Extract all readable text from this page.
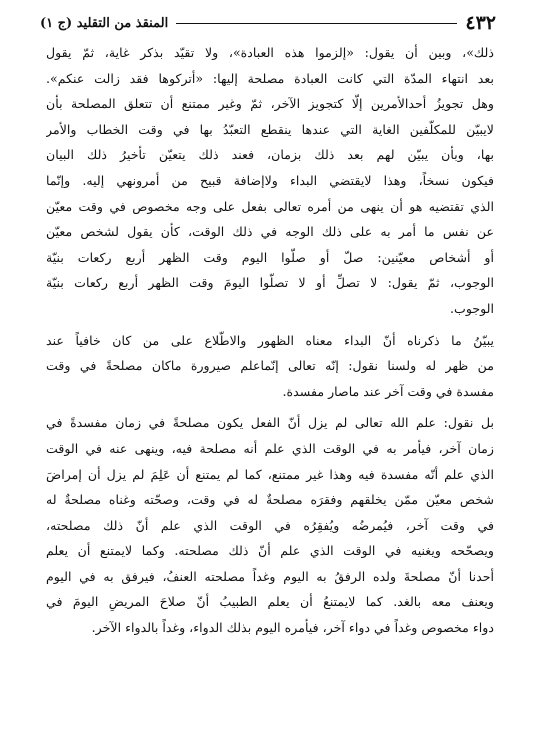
٤٣٢
المنقذ من التقليد (ج ١)

ذلك»، وبين أن يقول: «إلزموا هذه العبادة»، ولا تقيّد بذكر غاية، ثمّ يقول
بعد انتهاء المدّة التي كانت العبادة مصلحة إليها: «أتركوها فقد زالت عنكم».
وهل تجويزُ أحدالأمرين إلّا كتجويز الآخر، ثمّ وغير ممتنع أن تتعلق المصلحة بأن
لايبيّن للمكلّفين الغاية التي عندها ينقطع التعبّدُ بها في وقت الخطاب والأمر
بها، وبأن يبيّن لهم بعد ذلك بزمان، فعند ذلك يتعيّن تأخيرُ ذلك البيان
فيكون نسخاً، وهذا لايقتضي البداء ولاإضافة قبيح من أمرونهي إليه. وإنّما
الذي تقتضيه هو أن ينهى من أمره تعالى بفعل على وجه مخصوص في وقت معيّن
عن نفس ما أمر به على ذلك الوجه في ذلك الوقت، كأن يقول لشخص معيّن
أو أشخاص معيّنين: صلّ أو صلّوا اليوم وقت الظهر أربع ركعات بنيّة
الوجوب، ثمّ يقول: لا تصلِّ أو لا تصلّوا اليومَ وقت الظهر أربع ركعات بنيّة
الوجوب.

يبيّنُ ما ذكرناه أنّ البداء معناه الظهور والاطّلاع على من كان خافياً عند
من ظهر له ولسنا نقول: إنّه تعالى إنّماعلم صيرورة ماكان مصلحةً في وقت
مفسدة في وقت آخر عند ماصار مفسدة.

بل نقول: علم الله تعالى لم يزل أنّ الفعل يكون مصلحةً في زمان مفسدةً في
زمان آخر، فيأمر به في الوقت الذي علم أنه مصلحة فيه، وينهى عنه في الوقت
الذي علم أنّه مفسدة فيه وهذا غير ممتنع، كما لم يمتنع أن عَلِمَ لم يزل أن إمراضَ
شخص معيّن ممّن يخلقهم وفقرَه مصلحةٌ له في وقت، وصحّته وغناه مصلحةٌ له
في وقت آخر، فيُمرضُه ويُفقِرُه في الوقت الذي علم أنّ ذلك مصلحته،
ويصحّحه ويغنيه في الوقت الذي علم أنّ ذلك مصلحته. وكما لايمتنع أن يعلم
أحدنا أنّ مصلحةَ ولده الرفقُ به اليوم وغداً مصلحته العنفُ، فيرفق به في اليوم
ويعنف معه بالغد. كما لايمتنعُ أن يعلم الطبيبُ أنّ صلاحَ المريضِ اليومَ في
دواء مخصوص وغداً في دواء آخر، فيأمره اليوم بذلك الدواء، وغداً بالدواء الآخر.
